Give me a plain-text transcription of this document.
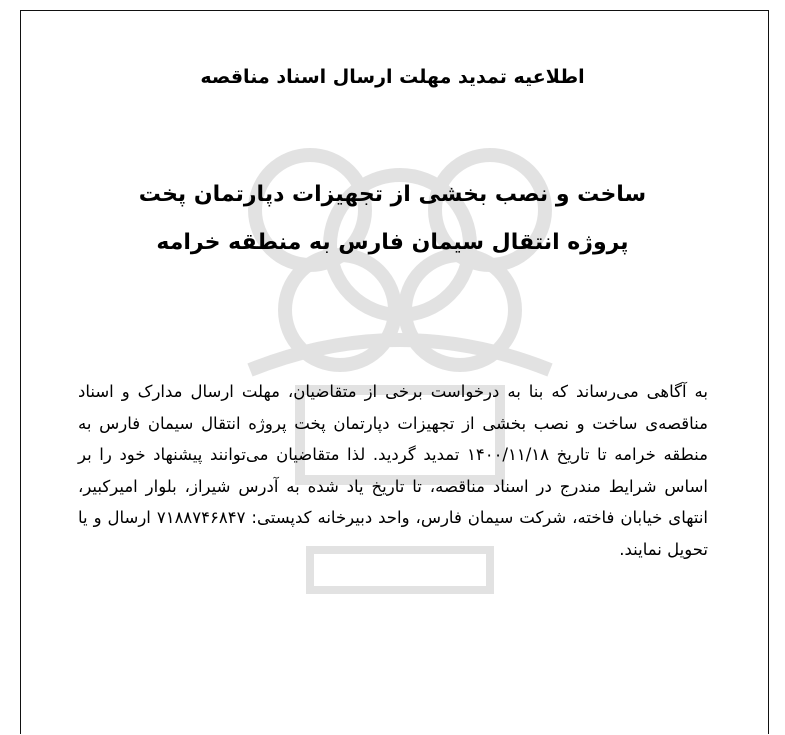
اطلاعیه تمدید مهلت ارسال اسناد مناقصه
ساخت و نصب بخشی از تجهیزات دپارتمان پخت
پروژه انتقال سیمان فارس به منطقه خرامه
به آگاهی می‌رساند که بنا به درخواست برخی از متقاضیان، مهلت ارسال مدارک و اسناد مناقصه‌ی ساخت و نصب بخشی از تجهیزات دپارتمان پخت پروژه انتقال سیمان فارس به منطقه خرامه تا تاریخ ۱۴۰۰/۱۱/۱۸ تمدید گردید. لذا متقاضیان می‌توانند پیشنهاد خود را بر اساس شرایط مندرج در اسناد مناقصه، تا تاریخ یاد شده به آدرس شیراز، بلوار امیرکبیر، انتهای خیابان فاخته، شرکت سیمان فارس، واحد دبیرخانه کدپستی: ۷۱۸۸۷۴۶۸۴۷ ارسال و یا تحویل نمایند.
